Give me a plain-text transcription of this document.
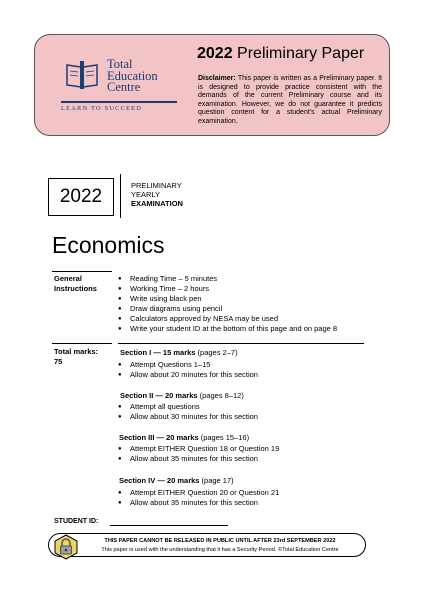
Total
Education
Centre
LEARN TO SUCCEED
2022 Preliminary Paper
Disclaimer: This paper is written as a Preliminary paper. It is designed to provide practice consistent with the demands of the current Preliminary course and its examination. However, we do not guarantee it predicts question content for a student's actual Preliminary examination.
2022
PRELIMINARY
YEARLY
EXAMINATION
Economics
General
Instructions
● Reading Time – 5 minutes
● Working Time – 2 hours
● Write using black pen
● Draw diagrams using pencil
● Calculators approved by NESA may be used
● Write your student ID at the bottom of this page and on page 8
Total marks:
75
Section I — 15 marks (pages 2–7)
● Attempt Questions 1–15
● Allow about 20 minutes for this section
Section II — 20 marks (pages 8–12)
● Attempt all questions
● Allow about 30 minutes for this section
Section III — 20 marks (pages 15–16)
● Attempt EITHER Question 18 or Question 19
● Allow about 35 minutes for this section
Section IV — 20 marks (page 17)
● Attempt EITHER Question 20 or Question 21
● Allow about 35 minutes for this section
STUDENT ID:
THIS PAPER CANNOT BE RELEASED IN PUBLIC UNTIL AFTER 23rd SEPTEMBER 2022
This paper is used with the understanding that it has a Security Period. ©Total Education Centre
